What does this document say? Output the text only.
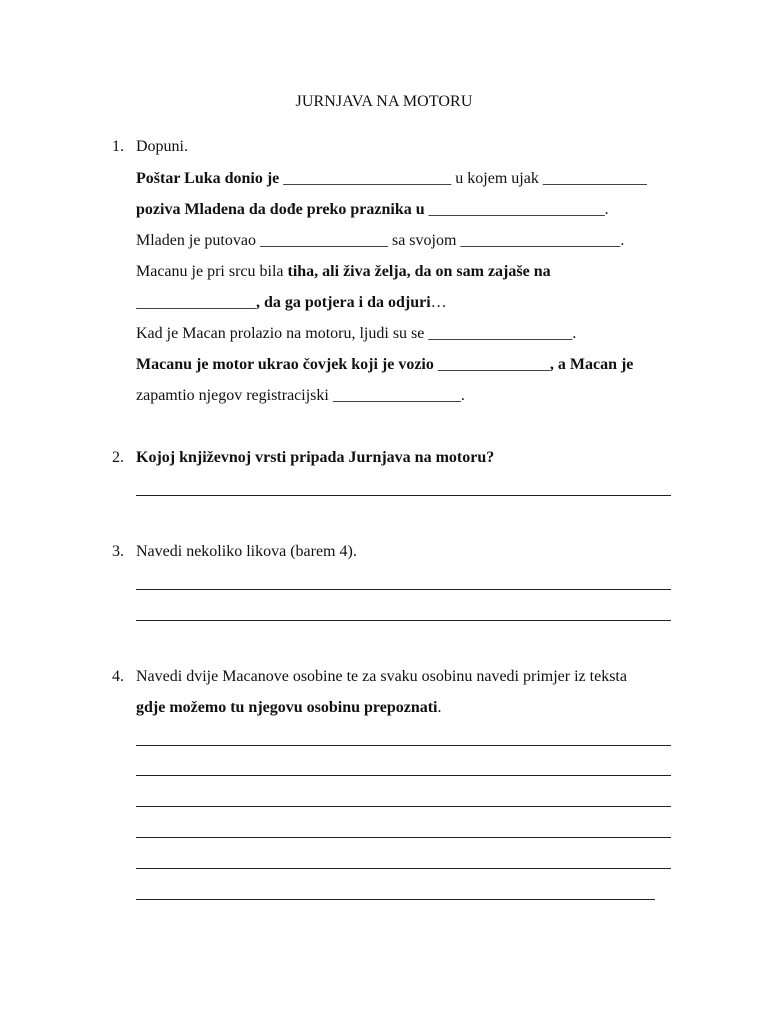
JURNJAVA NA MOTORU
1. Dopuni.
Poštar Luka donio je _____________________ u kojem ujak _____________
poziva Mladena da dođe preko praznika u ______________________.
Mladen je putovao ________________ sa svojom ____________________.
Macanu je pri srcu bila tiha, ali živa želja, da on sam zajaše na
_______________, da ga potjera i da odjuri…
Kad je Macan prolazio na motoru, ljudi su se __________________.
Macanu je motor ukrao čovjek koji je vozio ______________, a Macan je
zapamtio njegov registracijski ________________.
2. Kojoj književnoj vrsti pripada Jurnjava na motoru?
3. Navedi nekoliko likova (barem 4).
4. Navedi dvije Macanove osobine te za svaku osobinu navedi primjer iz teksta
gdje možemo tu njegovu osobinu prepoznati.
